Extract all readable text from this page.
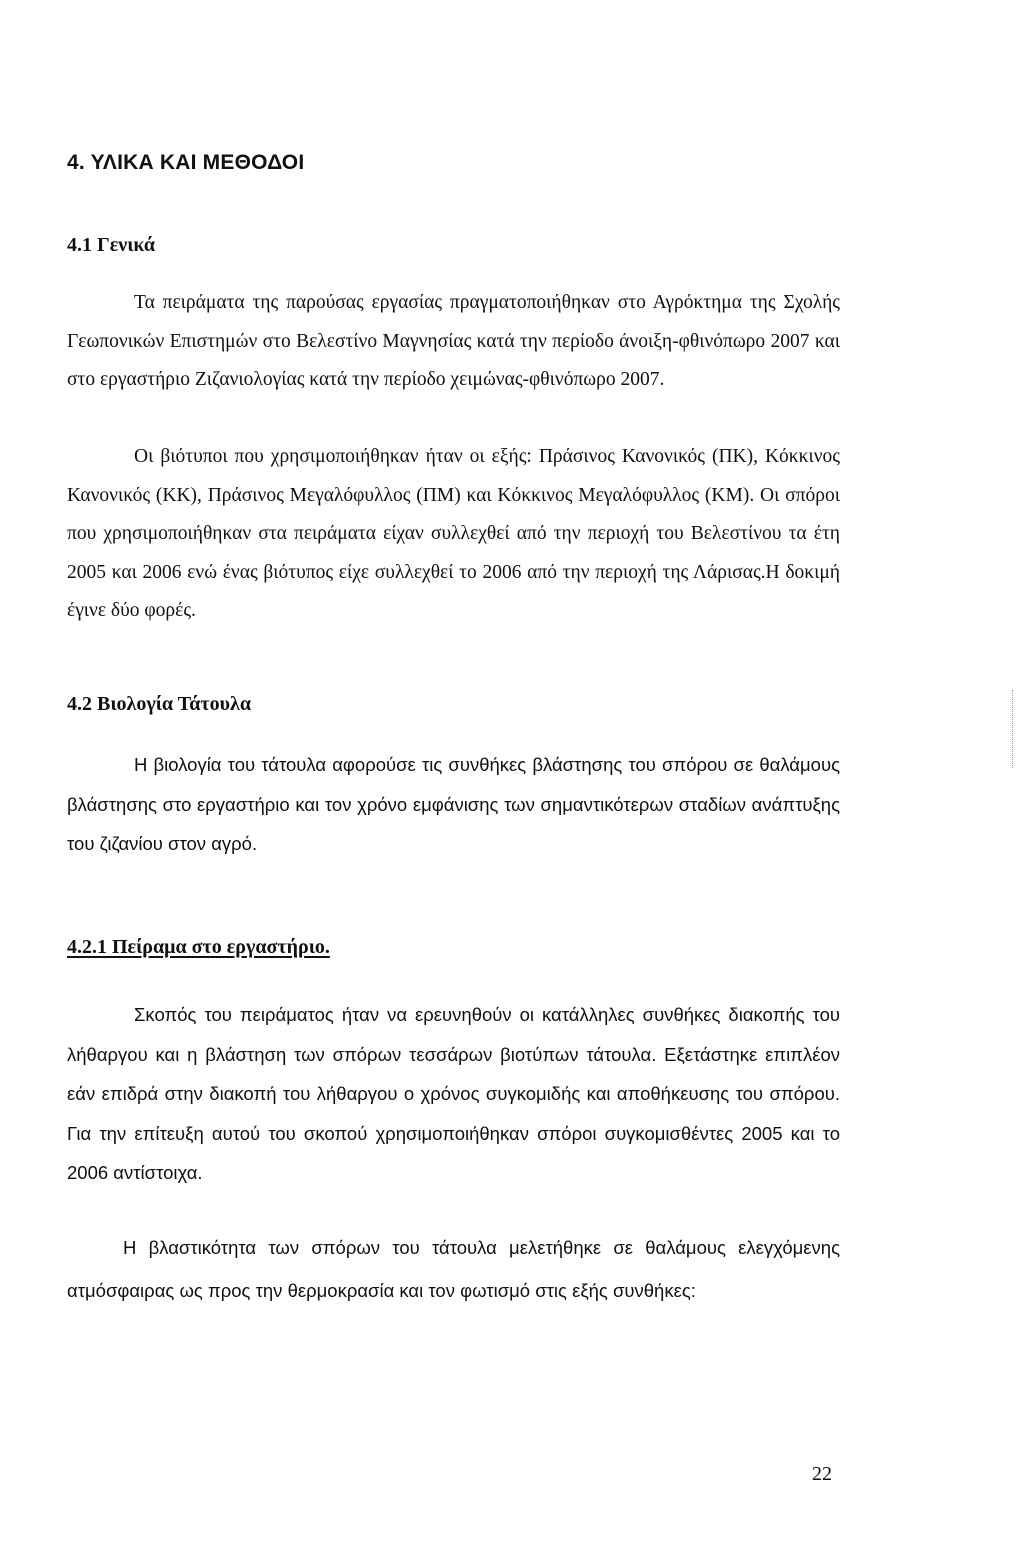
4. ΥΛΙΚΑ ΚΑΙ ΜΕΘΟΔΟΙ
4.1 Γενικά

Τα πειράματα της παρούσας εργασίας πραγματοποιήθηκαν στο Αγρόκτημα της Σχολής Γεωπονικών Επιστημών στο Βελεστίνο Μαγνησίας κατά την περίοδο άνοιξη-φθινόπωρο 2007 και στο εργαστήριο Ζιζανιολογίας κατά την περίοδο χειμώνας-φθινόπωρο 2007.

Οι βιότυποι που χρησιμοποιήθηκαν ήταν οι εξής: Πράσινος Κανονικός (ΠΚ), Κόκκινος Κανονικός (ΚΚ), Πράσινος Μεγαλόφυλλος (ΠΜ) και Κόκκινος Μεγαλόφυλλος (ΚΜ). Οι σπόροι που χρησιμοποιήθηκαν στα πειράματα είχαν συλλεχθεί από την περιοχή του Βελεστίνου τα έτη 2005 και 2006 ενώ ένας βιότυπος είχε συλλεχθεί το 2006 από την περιοχή της Λάρισας.Η δοκιμή έγινε δύο φορές.

4.2 Βιολογία Τάτουλα

Η βιολογία του τάτουλα αφορούσε τις συνθήκες βλάστησης του σπόρου σε θαλάμους βλάστησης στο εργαστήριο και τον χρόνο εμφάνισης των σημαντικότερων σταδίων ανάπτυξης του ζιζανίου στον αγρό.

4.2.1 Πείραμα στο εργαστήριο.

Σκοπός του πειράματος ήταν να ερευνηθούν οι κατάλληλες συνθήκες διακοπής του λήθαργου και η βλάστηση των σπόρων τεσσάρων βιοτύπων τάτουλα. Εξετάστηκε επιπλέον εάν επιδρά στην διακοπή του λήθαργου ο χρόνος συγκομιδής και αποθήκευσης του σπόρου. Για την επίτευξη αυτού του σκοπού χρησιμοποιήθηκαν σπόροι συγκομισθέντες 2005 και το 2006 αντίστοιχα.

Η βλαστικότητα των σπόρων του τάτουλα μελετήθηκε σε θαλάμους ελεγχόμενης ατμόσφαιρας ως προς την θερμοκρασία και τον φωτισμό στις εξής συνθήκες:

22
